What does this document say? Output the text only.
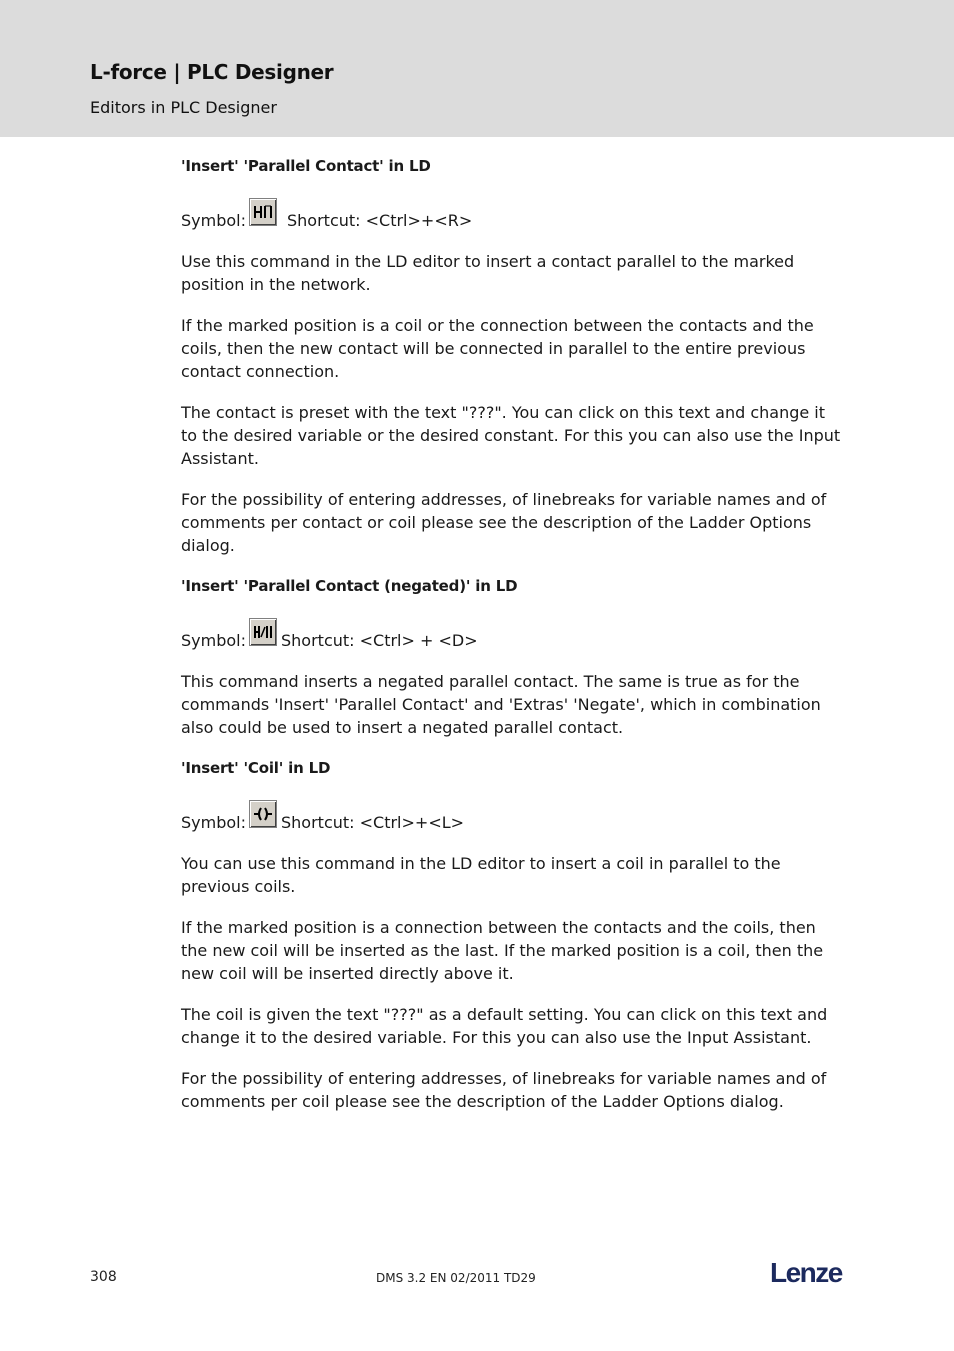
L-force | PLC Designer
Editors in PLC Designer
'Insert' 'Parallel Contact' in LD
Symbol:	Shortcut: <Ctrl>+<R>

Use this command in the LD editor to insert a contact parallel to the marked position in the network.

If the marked position is a coil or the connection between the contacts and the coils, then the new contact will be connected in parallel to the entire previous contact connection.

The contact is preset with the text "???". You can click on this text and change it to the desired variable or the desired constant. For this you can also use the Input Assistant.

For the possibility of entering addresses, of linebreaks for variable names and of comments per contact or coil please see the description of the Ladder Options dialog.

'Insert' 'Parallel Contact (negated)' in LD
Symbol: Shortcut: <Ctrl> + <D>

This command inserts a negated parallel contact. The same is true as for the commands 'Insert' 'Parallel Contact' and 'Extras' 'Negate', which in combination also could be used to insert a negated parallel contact.

'Insert' 'Coil' in LD
Symbol: Shortcut: <Ctrl>+<L>

You can use this command in the LD editor to insert a coil in parallel to the previous coils.

If the marked position is a connection between the contacts and the coils, then the new coil will be inserted as the last. If the marked position is a coil, then the new coil will be inserted directly above it.

The coil is given the text "???" as a default setting. You can click on this text and change it to the desired variable. For this you can also use the Input Assistant.

For the possibility of entering addresses, of linebreaks for variable names and of comments per coil please see the description of the Ladder Options dialog.

308	DMS 3.2 EN 02/2011 TD29	Lenze
